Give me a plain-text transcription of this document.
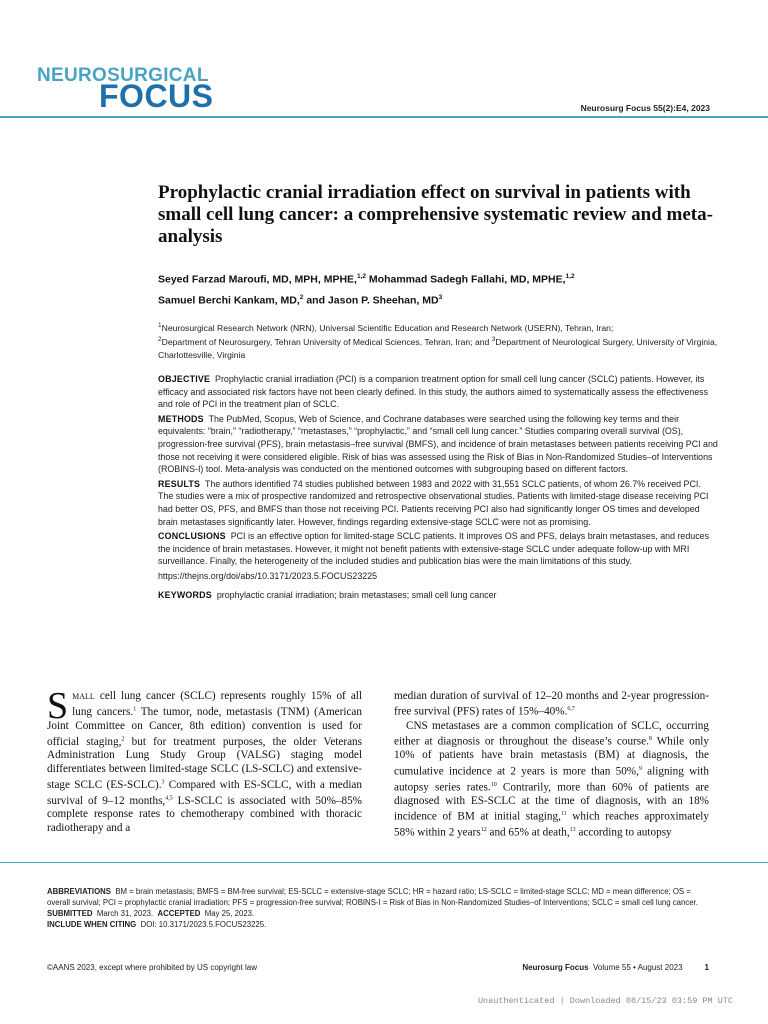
NEUROSURGICAL
FOCUS	Neurosurg Focus 55(2):E4, 2023
Prophylactic cranial irradiation effect on survival in patients with small cell lung cancer: a comprehensive systematic review and meta-analysis
Seyed Farzad Maroufi, MD, MPH, MPHE,$^{1,2}$ Mohammad Sadegh Fallahi, MD, MPHE,$^{1,2}$
Samuel Berchi Kankam, MD,$^2$ and Jason P. Sheehan, $MD^3$
$^1$Neurosurgical Research Network (NRN), Universal Scientific Education and Research Network (USERN), Tehran, Iran;
$^2$Department of Neurosurgery, Tehran University of Medical Sciences, Tehran, Iran; and $^3$Department of Neurological Surgery, University of Virginia, Charlottesville, Virginia

OBJECTIVE Prophylactic cranial irradiation (PCI) is a companion treatment option for small cell lung cancer (SCLC) patients. However, its efficacy and associated risk factors have not been clearly defined. In this study, the authors aimed to systematically assess the effectiveness and role of PCI in the treatment plan of SCLC.

METHODS The PubMed, Scopus, Web of Science, and Cochrane databases were searched using the following key terms and their equivalents: “brain,” “radiotherapy,” “metastases,” “prophylactic,” and “small cell lung cancer.” Studies comparing overall survival (OS), progression-free survival (PFS), brain metastasis–free survival (BMFS), and incidence of brain metastases between patients receiving PCI and those not receiving it were considered eligible. Risk of bias was assessed using the Risk of Bias in Non-Randomized Studies–of Interventions (ROBINS-I) tool. Meta-analysis was conducted on the mentioned outcomes with subgrouping based on different factors.

RESULTS The authors identified 74 studies published between 1983 and 2022 with 31,551 SCLC patients, of whom 26.7% received PCI. The studies were a mix of prospective randomized and retrospective observational studies. Patients with limited-stage disease receiving PCI had better OS, PFS, and BMFS than those not receiving PCI. Patients receiving PCI also had significantly longer OS times and developed brain metastases significantly later. However, findings regarding extensive-stage SCLC were not as promising.

CONCLUSIONS PCI is an effective option for limited-stage SCLC patients. It improves OS and PFS, delays brain metastases, and reduces the incidence of brain metastases. However, it might not benefit patients with extensive-stage SCLC under adequate follow-up with MRI surveillance. Finally, the heterogeneity of the included studies and publication bias were the main limitations of this study.

https://thejns.org/doi/abs/10.3171/2023.5.FOCUS23225

KEYWORDS prophylactic cranial irradiation; brain metastases; small cell lung cancer

Small cell lung cancer (SCLC) represents roughly 15% of all lung cancers.$^1$ The tumor, node, metastasis (TNM) (American Joint Committee on Cancer, 8th edition) convention is used for official staging,$^2$ but for treatment purposes, the older Veterans Administration Lung Study Group (VALSG) staging model differentiates between limited-stage SCLC (LS-SCLC) and extensive-stage SCLC (ES-SCLC).$^3$ Compared with ES-SCLC, with a median survival of 9–12 months,$^{4,5}$ LS-SCLC is associated with 50%–85% complete response rates to chemotherapy combined with thoracic radiotherapy and a

median duration of survival of 12–20 months and 2-year progression-free survival (PFS) rates of 15%–40%.$^{6,7}$

CNS metastases are a common complication of SCLC, occurring either at diagnosis or throughout the disease’s course.$^8$ While only 10% of patients have brain metastasis (BM) at diagnosis, the cumulative incidence at 2 years is more than 50%,$^9$ aligning with autopsy series rates.$^{10}$ Contrarily, more than 60% of patients are diagnosed with ES-SCLC at the time of diagnosis, with an 18% incidence of BM at initial staging,$^{11}$ which reaches approximately 58% within 2 years$^{12}$ and 65% at death,$^{13}$ according to autopsy

ABBREVIATIONS BM = brain metastasis; BMFS = BM-free survival; ES-SCLC = extensive-stage SCLC; HR = hazard ratio; LS-SCLC = limited-stage SCLC; MD = mean difference; OS = overall survival; PCI = prophylactic cranial irradiation; PFS = progression-free survival; ROBINS-I = Risk of Bias in Non-Randomized Studies–of Interventions; SCLC = small cell lung cancer.

SUBMITTED March 31, 2023. ACCEPTED May 25, 2023.

INCLUDE WHEN CITING DOI: 10.3171/2023.5.FOCUS23225.

©AANS 2023, except where prohibited by US copyright law	Neurosurg Focus Volume 55 • August 2023	1
Unauthenticated | Downloaded 08/15/23 03:59 PM UTC
